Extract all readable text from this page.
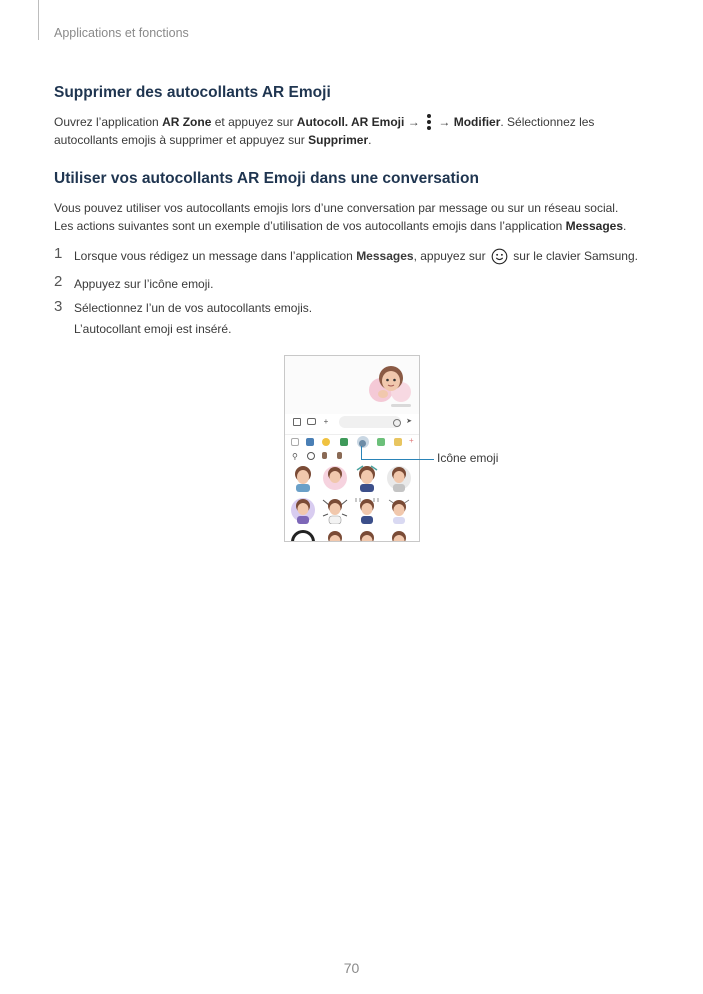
Applications et fonctions
Supprimer des autocollants AR Emoji
Ouvrez l’application AR Zone et appuyez sur Autocoll. AR Emoji →
→ Modifier. Sélectionnez les
autocollants emojis à supprimer et appuyez sur Supprimer.
Utiliser vos autocollants AR Emoji dans une conversation
Vous pouvez utiliser vos autocollants emojis lors d’une conversation par message ou sur un réseau social.
Les actions suivantes sont un exemple d’utilisation de vos autocollants emojis dans l’application Messages.
1 Lorsque vous rédigez un message dans l’application Messages, appuyez sur  sur le clavier Samsung.
2 Appuyez sur l’icône emoji.
3 Sélectionnez l’un de vos autocollants emojis.
L’autocollant emoji est inséré.
+	➤
+
⚲	Icône emoji
70
